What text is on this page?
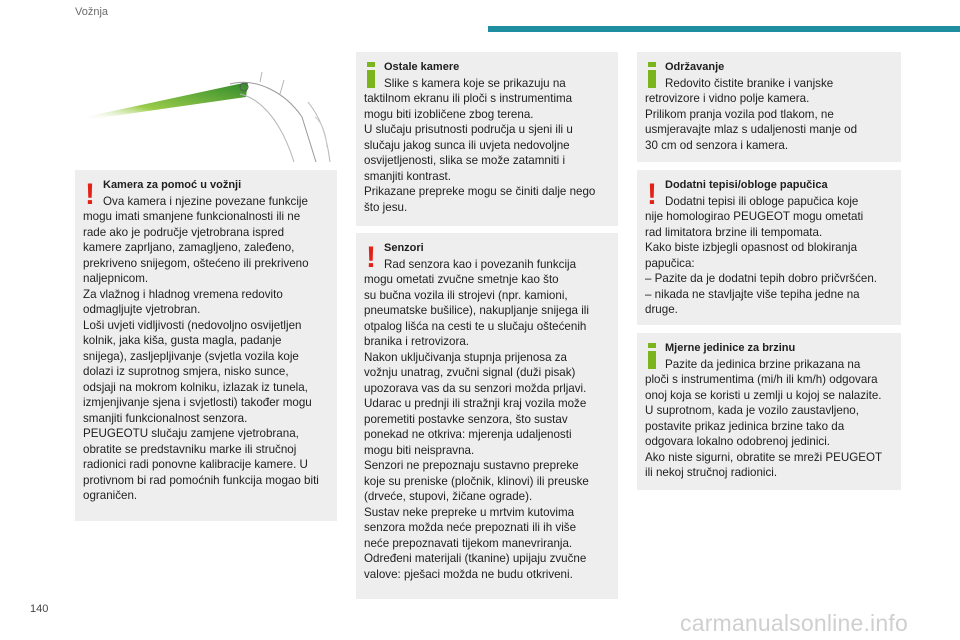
Vožnja
! Kamera za pomoć u vožnji

Ova kamera i njezine povezane funkcije

mogu imati smanjene funkcionalnosti ili ne

rade ako je područje vjetrobrana ispred

kamere zaprljano, zamagljeno, zaleđeno,

prekriveno snijegom, oštećeno ili prekriveno

naljepnicom.

Za vlažnog i hladnog vremena redovito

odmagljujte vjetrobran.

Loši uvjeti vidljivosti (nedovoljno osvijetljen

kolnik, jaka kiša, gusta magla, padanje

snijega), zasljepljivanje (svjetla vozila koje

dolazi iz suprotnog smjera, nisko sunce,

odsjaji na mokrom kolniku, izlazak iz tunela,

izmjenjivanje sjena i svjetlosti) također mogu

smanjiti funkcionalnost senzora.

PEUGEOTU slučaju zamjene vjetrobrana,

obratite se predstavniku marke ili stručnoj

radionici radi ponovne kalibracije kamere. U

protivnom bi rad pomoćnih funkcija mogao biti

ograničen.

Ostale kamere

Slike s kamera koje se prikazuju na

taktilnom ekranu ili ploči s instrumentima

mogu biti izobličene zbog terena.

U slučaju prisutnosti područja u sjeni ili u

slučaju jakog sunca ili uvjeta nedovoljne

osvijetljenosti, slika se može zatamniti i

smanjiti kontrast.

Prikazane prepreke mogu se činiti dalje nego

što jesu.

! Senzori

Rad senzora kao i povezanih funkcija

mogu ometati zvučne smetnje kao što

su bučna vozila ili strojevi (npr. kamioni,

pneumatske bušilice), nakupljanje snijega ili

otpalog lišća na cesti te u slučaju oštećenih

branika i retrovizora.

Nakon uključivanja stupnja prijenosa za

vožnju unatrag, zvučni signal (duži pisak)

upozorava vas da su senzori možda prljavi.

Udarac u prednji ili stražnji kraj vozila može

poremetiti postavke senzora, što sustav

ponekad ne otkriva: mjerenja udaljenosti

mogu biti neispravna.

Senzori ne prepoznaju sustavno prepreke

koje su preniske (pločnik, klinovi) ili preuske

(drveće, stupovi, žičane ograde).

Sustav neke prepreke u mrtvim kutovima

senzora možda neće prepoznati ili ih više

neće prepoznavati tijekom manevriranja.

Određeni materijali (tkanine) upijaju zvučne

valove: pješaci možda ne budu otkriveni.

Održavanje

Redovito čistite branike i vanjske

retrovizore i vidno polje kamera.

Prilikom pranja vozila pod tlakom, ne

usmjeravajte mlaz s udaljenosti manje od

30 cm od senzora i kamera.

! Dodatni tepisi/obloge papučica

Dodatni tepisi ili obloge papučica koje

nije homologirao PEUGEOT mogu ometati

rad limitatora brzine ili tempomata.

Kako biste izbjegli opasnost od blokiranja

papučica:

– Pazite da je dodatni tepih dobro pričvršćen.

– nikada ne stavljajte više tepiha jedne na

druge.

Mjerne jedinice za brzinu

Pazite da jedinica brzine prikazana na

ploči s instrumentima (mi/h ili km/h) odgovara

onoj koja se koristi u zemlji u kojoj se nalazite.

U suprotnom, kada je vozilo zaustavljeno,

postavite prikaz jedinica brzine tako da

odgovara lokalno odobrenoj jedinici.

Ako niste sigurni, obratite se mreži PEUGEOT

ili nekoj stručnoj radionici.

140
carmanualsonline.info
